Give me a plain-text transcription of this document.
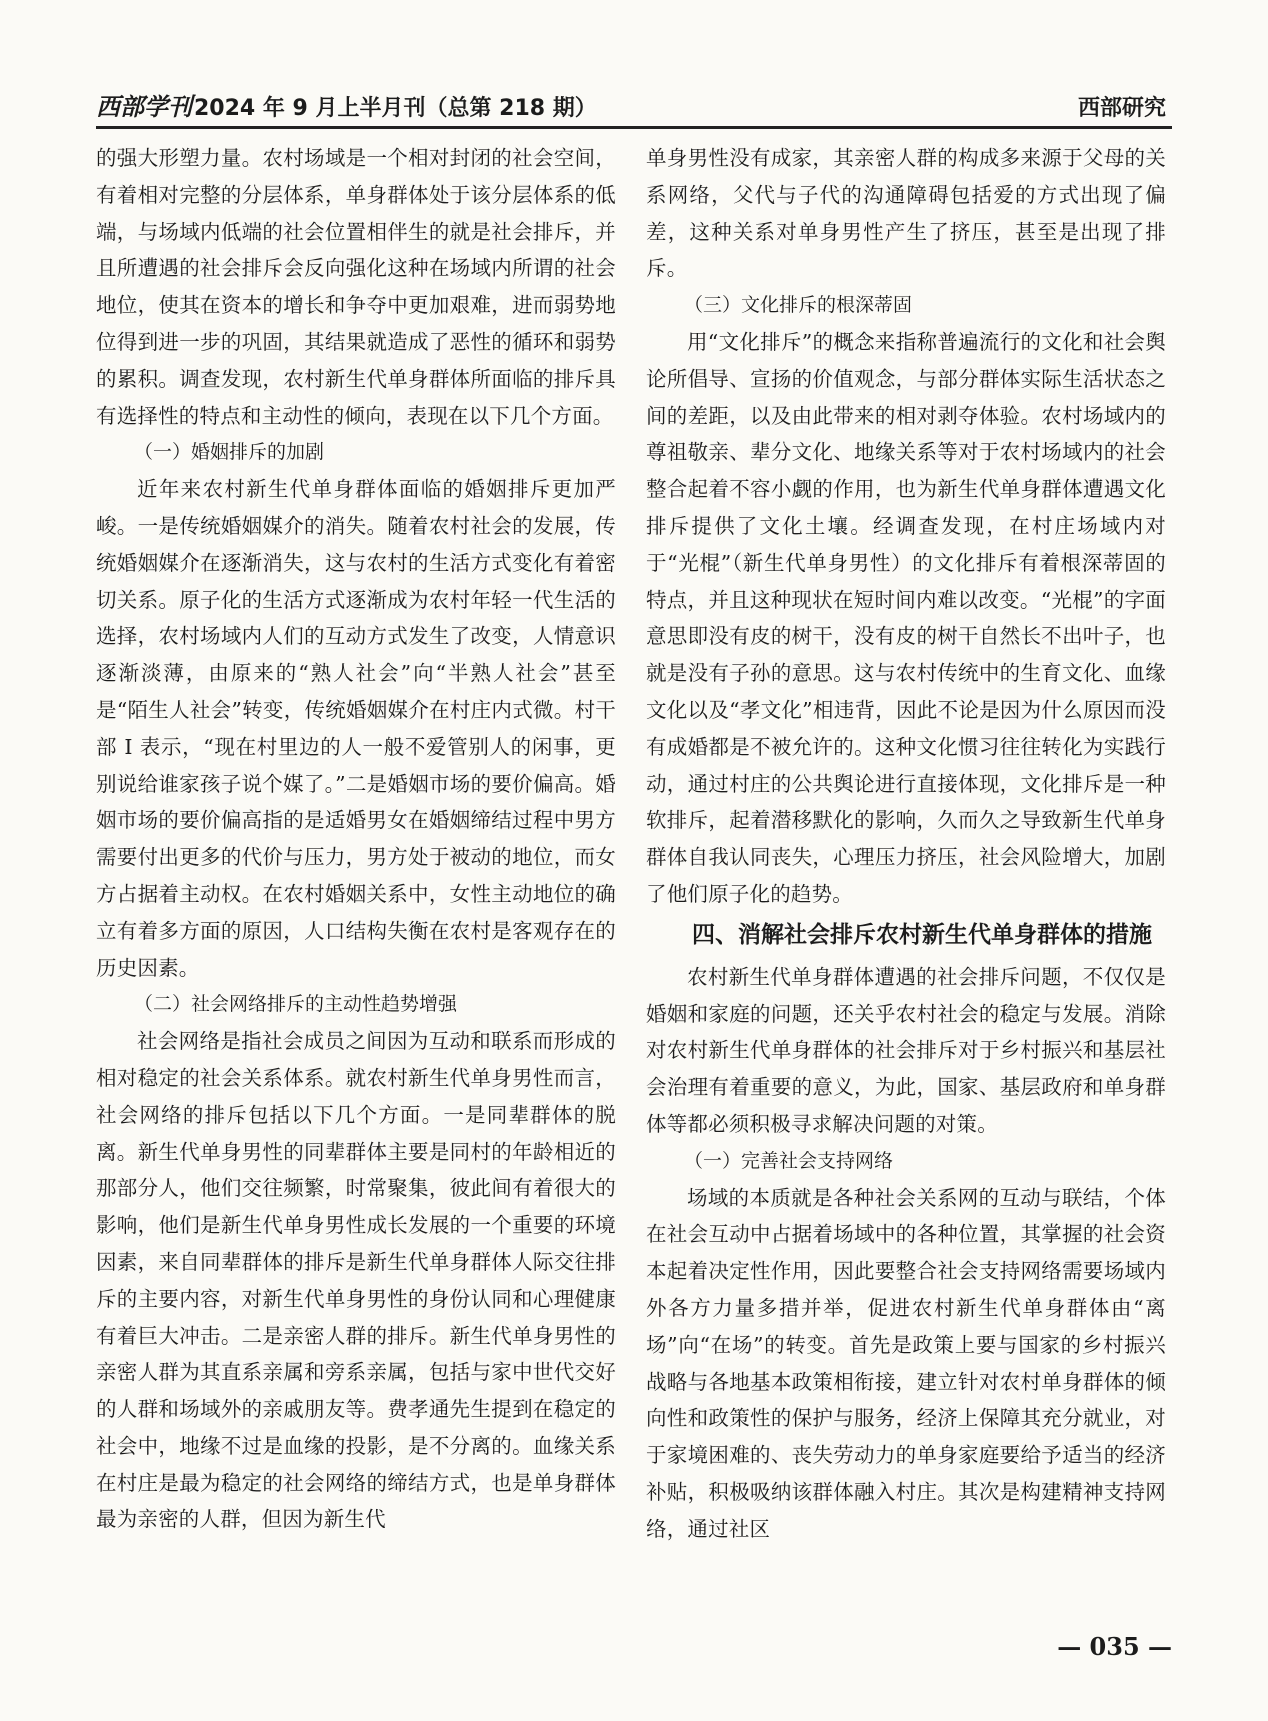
西部学刊2024 年 9 月上半月刊（总第 218 期）	西部研究

的强大形塑力量。农村场域是一个相对封闭的社会空间，有着相对完整的分层体系，单身群体处于该分层体系的低端，与场域内低端的社会位置相伴生的就是社会排斥，并且所遭遇的社会排斥会反向强化这种在场域内所谓的社会地位，使其在资本的增长和争夺中更加艰难，进而弱势地位得到进一步的巩固，其结果就造成了恶性的循环和弱势的累积。调查发现，农村新生代单身群体所面临的排斥具有选择性的特点和主动性的倾向，表现在以下几个方面。

（一）婚姻排斥的加剧

近年来农村新生代单身群体面临的婚姻排斥更加严峻。一是传统婚姻媒介的消失。随着农村社会的发展，传统婚姻媒介在逐渐消失，这与农村的生活方式变化有着密切关系。原子化的生活方式逐渐成为农村年轻一代生活的选择，农村场域内人们的互动方式发生了改变，人情意识逐渐淡薄，由原来的“熟人社会”向“半熟人社会”甚至是“陌生人社会”转变，传统婚姻媒介在村庄内式微。村干部 I 表示，“现在村里边的人一般不爱管别人的闲事，更别说给谁家孩子说个媒了。”二是婚姻市场的要价偏高。婚姻市场的要价偏高指的是适婚男女在婚姻缔结过程中男方需要付出更多的代价与压力，男方处于被动的地位，而女方占据着主动权。在农村婚姻关系中，女性主动地位的确立有着多方面的原因，人口结构失衡在农村是客观存在的历史因素。

（二）社会网络排斥的主动性趋势增强

社会网络是指社会成员之间因为互动和联系而形成的相对稳定的社会关系体系。就农村新生代单身男性而言，社会网络的排斥包括以下几个方面。一是同辈群体的脱离。新生代单身男性的同辈群体主要是同村的年龄相近的那部分人，他们交往频繁，时常聚集，彼此间有着很大的影响，他们是新生代单身男性成长发展的一个重要的环境因素，来自同辈群体的排斥是新生代单身群体人际交往排斥的主要内容，对新生代单身男性的身份认同和心理健康有着巨大冲击。二是亲密人群的排斥。新生代单身男性的亲密人群为其直系亲属和旁系亲属，包括与家中世代交好的人群和场域外的亲戚朋友等。费孝通先生提到在稳定的社会中，地缘不过是血缘的投影，是不分离的。血缘关系在村庄是最为稳定的社会网络的缔结方式，也是单身群体最为亲密的人群，但因为新生代

单身男性没有成家，其亲密人群的构成多来源于父母的关系网络，父代与子代的沟通障碍包括爱的方式出现了偏差，这种关系对单身男性产生了挤压，甚至是出现了排斥。

（三）文化排斥的根深蒂固

用“文化排斥”的概念来指称普遍流行的文化和社会舆论所倡导、宣扬的价值观念，与部分群体实际生活状态之间的差距，以及由此带来的相对剥夺体验。农村场域内的尊祖敬亲、辈分文化、地缘关系等对于农村场域内的社会整合起着不容小觑的作用，也为新生代单身群体遭遇文化排斥提供了文化土壤。经调查发现，在村庄场域内对于“光棍”（新生代单身男性）的文化排斥有着根深蒂固的特点，并且这种现状在短时间内难以改变。“光棍”的字面意思即没有皮的树干，没有皮的树干自然长不出叶子，也就是没有子孙的意思。这与农村传统中的生育文化、血缘文化以及“孝文化”相违背，因此不论是因为什么原因而没有成婚都是不被允许的。这种文化惯习往往转化为实践行动，通过村庄的公共舆论进行直接体现，文化排斥是一种软排斥，起着潜移默化的影响，久而久之导致新生代单身群体自我认同丧失，心理压力挤压，社会风险增大，加剧了他们原子化的趋势。

四、消解社会排斥农村新生代单身群体的措施

农村新生代单身群体遭遇的社会排斥问题，不仅仅是婚姻和家庭的问题，还关乎农村社会的稳定与发展。消除对农村新生代单身群体的社会排斥对于乡村振兴和基层社会治理有着重要的意义，为此，国家、基层政府和单身群体等都必须积极寻求解决问题的对策。

（一）完善社会支持网络

场域的本质就是各种社会关系网的互动与联结，个体在社会互动中占据着场域中的各种位置，其掌握的社会资本起着决定性作用，因此要整合社会支持网络需要场域内外各方力量多措并举，促进农村新生代单身群体由“离场”向“在场”的转变。首先是政策上要与国家的乡村振兴战略与各地基本政策相衔接，建立针对农村单身群体的倾向性和政策性的保护与服务，经济上保障其充分就业，对于家境困难的、丧失劳动力的单身家庭要给予适当的经济补贴，积极吸纳该群体融入村庄。其次是构建精神支持网络，通过社区

— 035 —
